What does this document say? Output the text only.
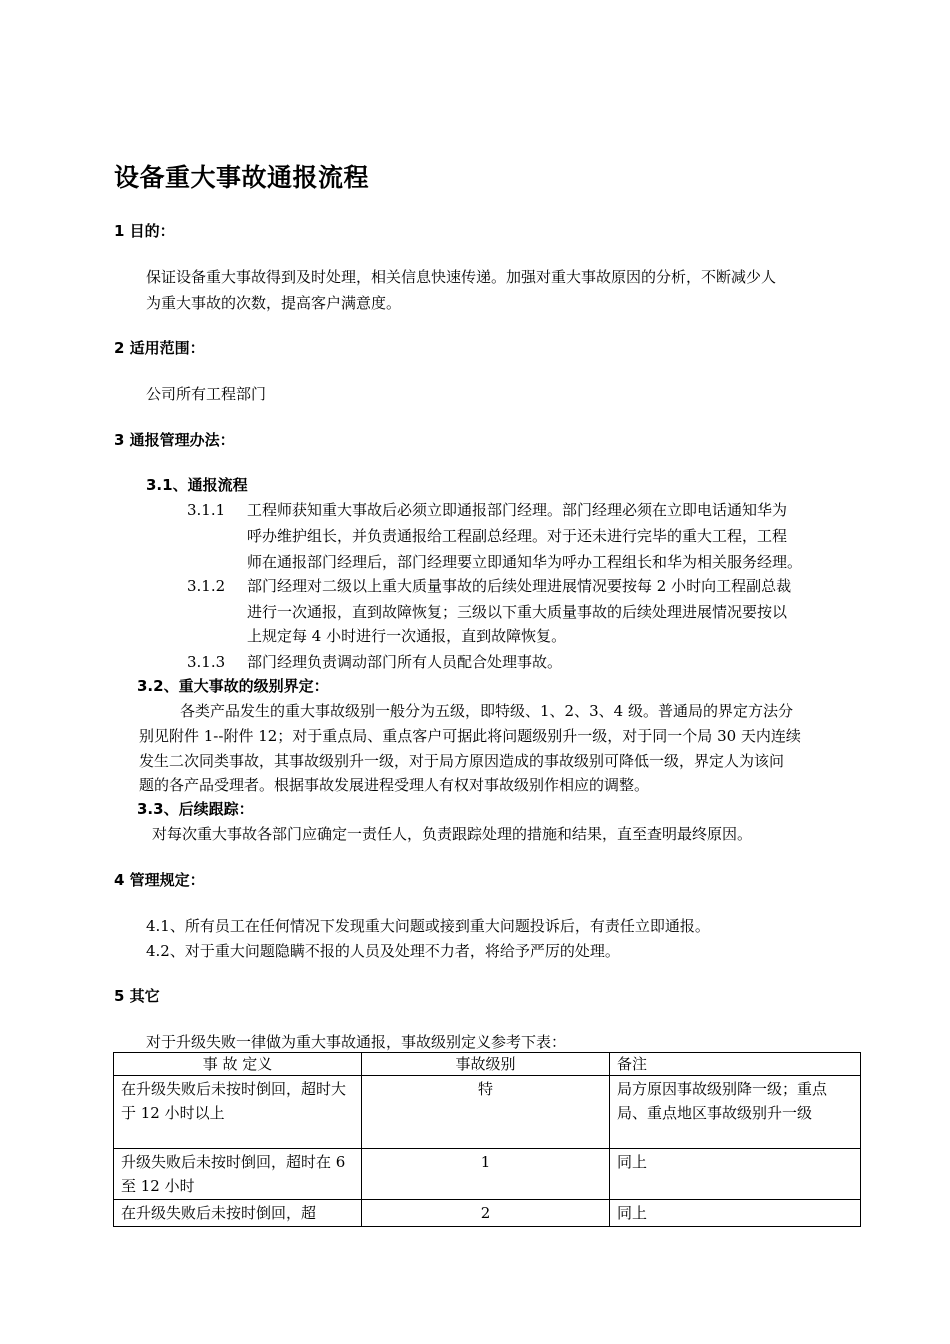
设备重大事故通报流程
1 目的：
保证设备重大事故得到及时处理，相关信息快速传递。加强对重大事故原因的分析，不断减少人
为重大事故的次数，提高客户满意度。
2 适用范围：
公司所有工程部门
3 通报管理办法：
3.1、通报流程
3.1.1 工程师获知重大事故后必须立即通报部门经理。部门经理必须在立即电话通知华为
呼办维护组长，并负责通报给工程副总经理。对于还未进行完毕的重大工程，工程
师在通报部门经理后，部门经理要立即通知华为呼办工程组长和华为相关服务经理。
3.1.2 部门经理对二级以上重大质量事故的后续处理进展情况要按每 2 小时向工程副总裁
进行一次通报，直到故障恢复；三级以下重大质量事故的后续处理进展情况要按以
上规定每 4 小时进行一次通报，直到故障恢复。
3.1.3 部门经理负责调动部门所有人员配合处理事故。
3.2、重大事故的级别界定：
各类产品发生的重大事故级别一般分为五级，即特级、1、2、3、4 级。普通局的界定方法分
别见附件 1--附件 12；对于重点局、重点客户可据此将问题级别升一级，对于同一个局 30 天内连续
发生二次同类事故，其事故级别升一级，对于局方原因造成的事故级别可降低一级，界定人为该问
题的各产品受理者。根据事故发展进程受理人有权对事故级别作相应的调整。
3.3、后续跟踪：
对每次重大事故各部门应确定一责任人，负责跟踪处理的措施和结果，直至查明最终原因。
4 管理规定：
4.1、所有员工在任何情况下发现重大问题或接到重大问题投诉后，有责任立即通报。
4.2、对于重大问题隐瞒不报的人员及处理不力者，将给予严厉的处理。
5 其它
对于升级失败一律做为重大事故通报，事故级别定义参考下表：
事 故 定义	事故级别	备注
在升级失败后未按时倒回，超时大于 12 小时以上	特	局方原因事故级别降一级；重点局、重点地区事故级别升一级
升级失败后未按时倒回，超时在 6 至 12 小时	1	同上
在升级失败后未按时倒回，超	2	同上
